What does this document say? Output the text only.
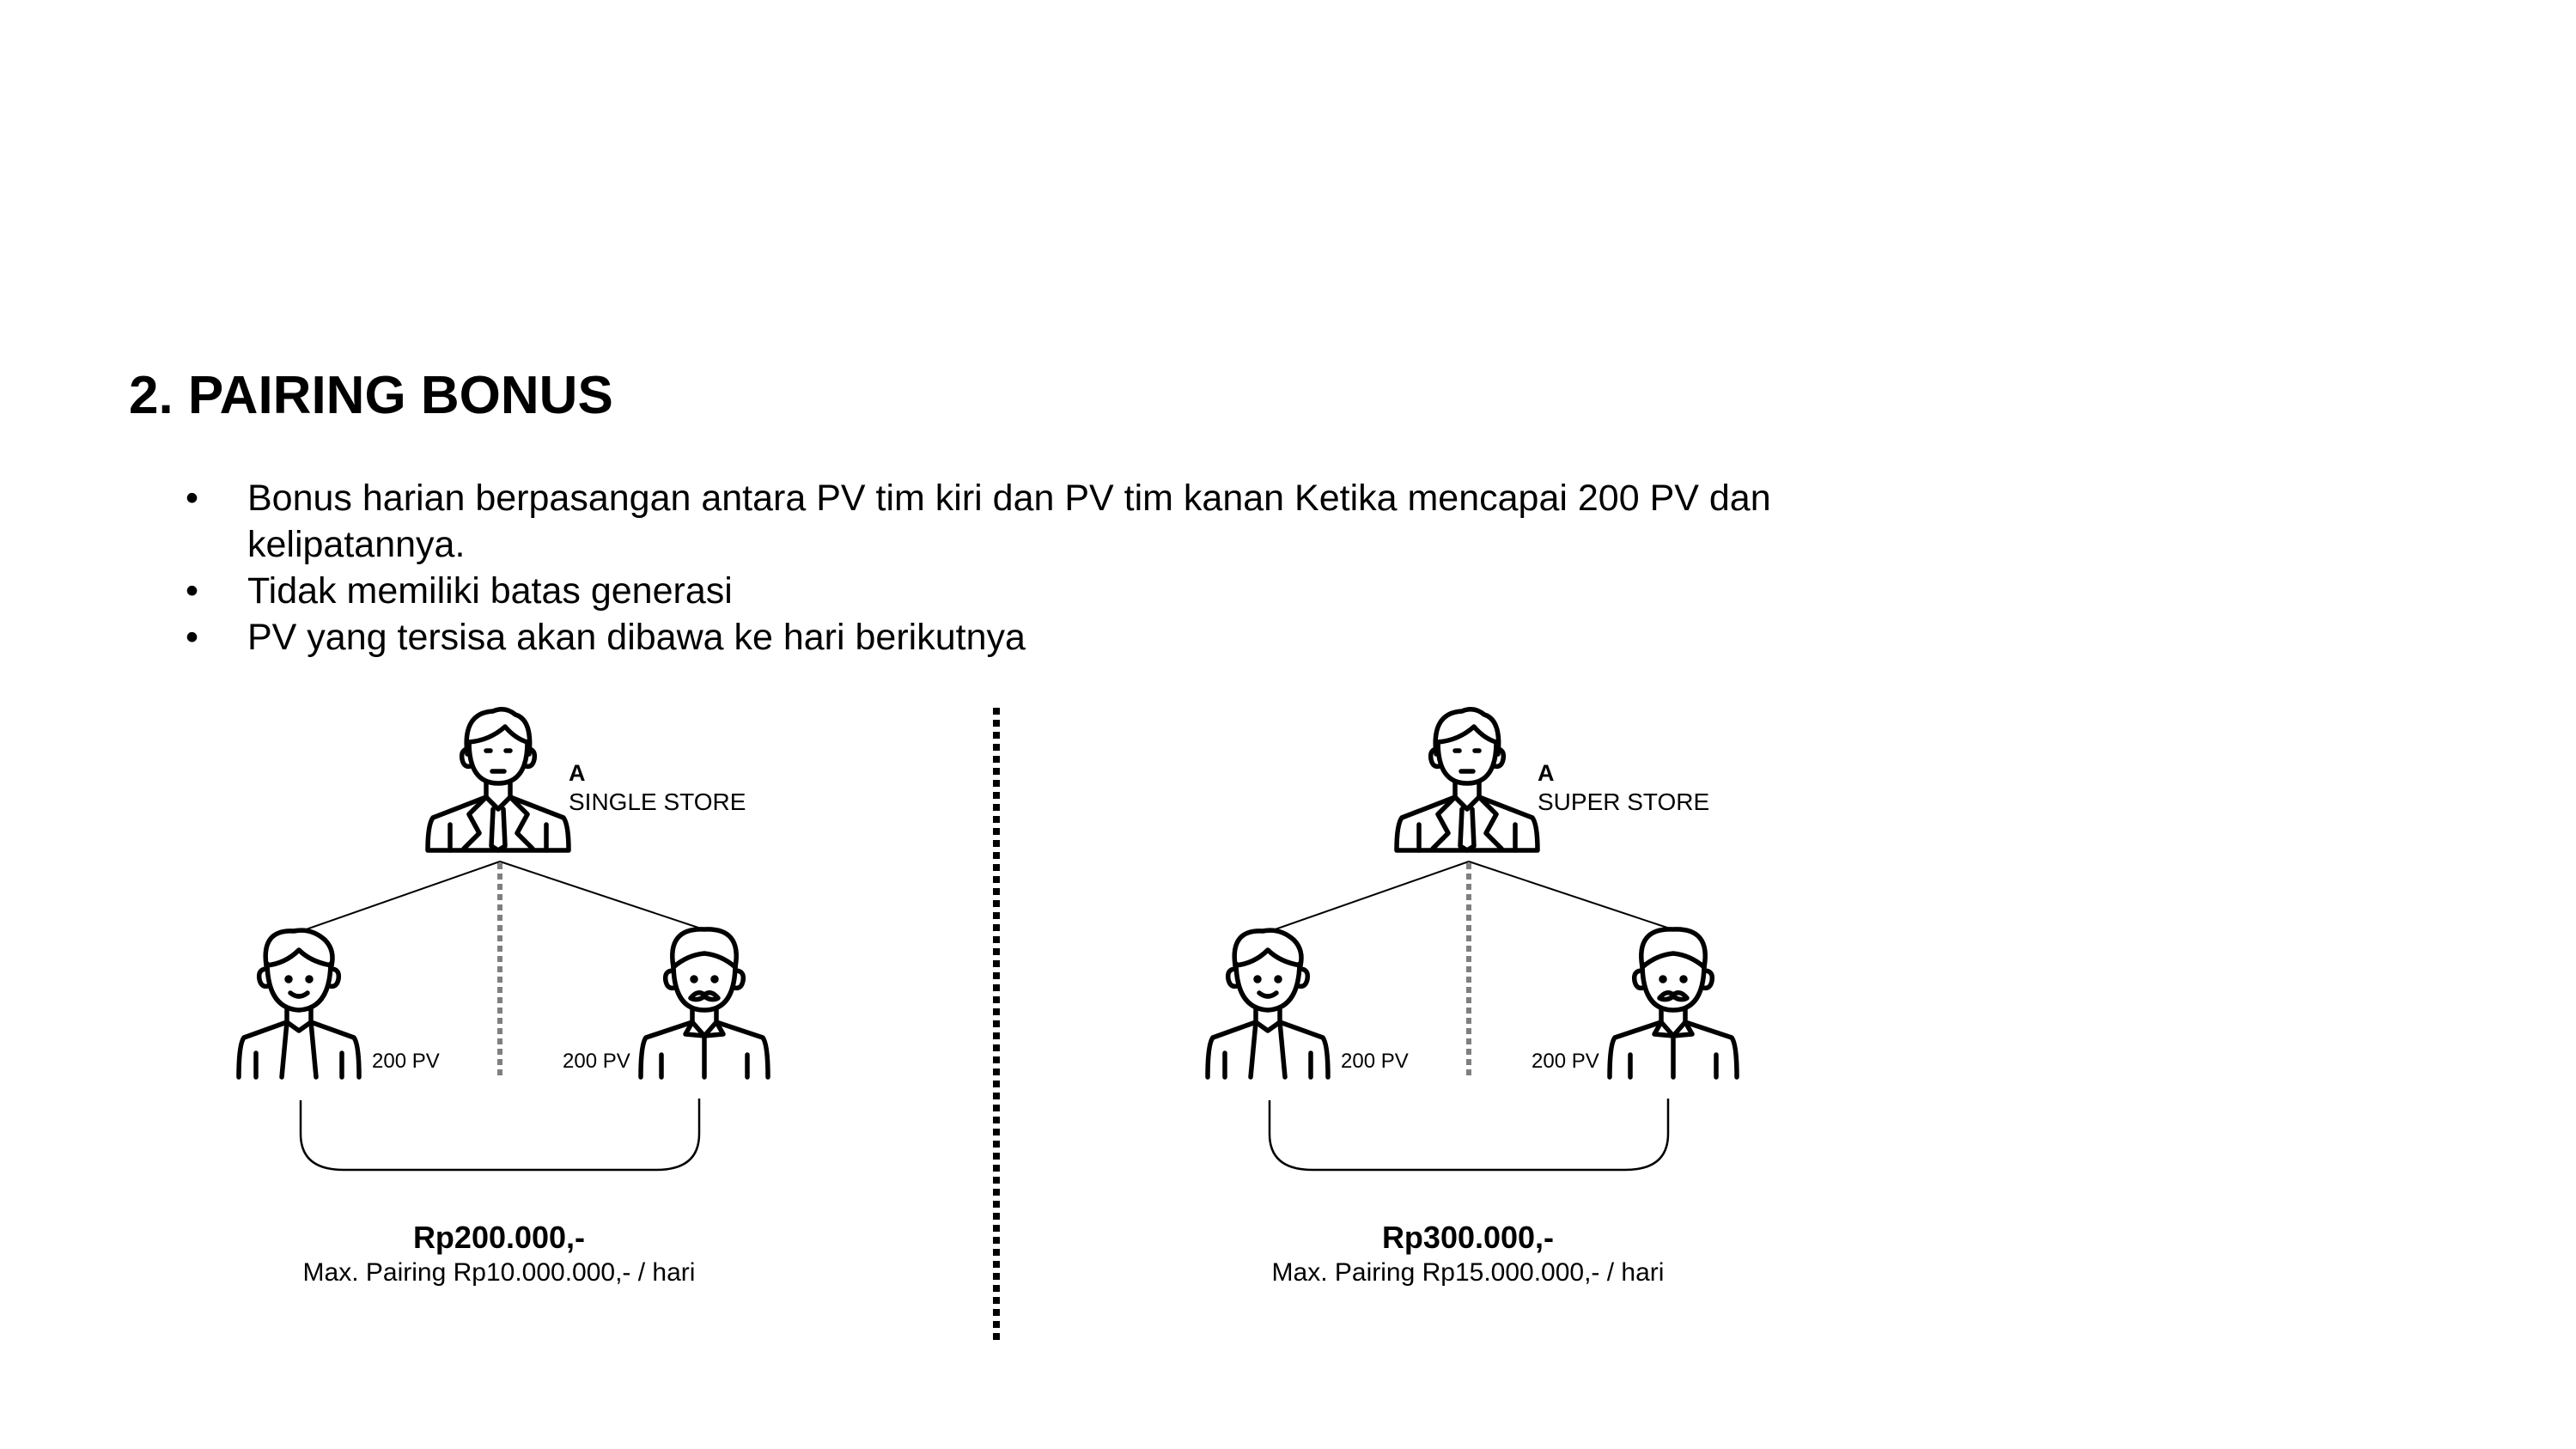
2. PAIRING BONUS
• Bonus harian berpasangan antara PV tim kiri dan PV tim kanan Ketika mencapai 200 PV dan kelipatannya.
• Tidak memiliki batas generasi
• PV yang tersisa akan dibawa ke hari berikutnya
A
SINGLE STORE
200 PV	200 PV
Rp200.000,-
Max. Pairing Rp10.000.000,- / hari
A
SUPER STORE
200 PV	200 PV
Rp300.000,-
Max. Pairing Rp15.000.000,- / hari
